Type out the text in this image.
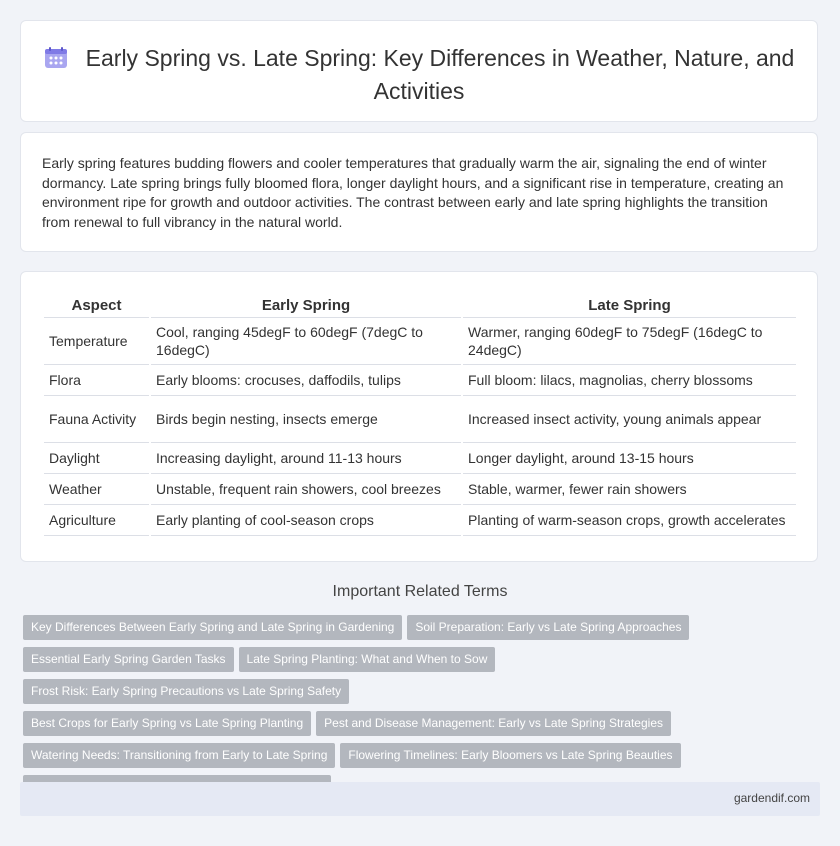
Early Spring vs. Late Spring: Key Differences in Weather, Nature, and Activities

Early spring features budding flowers and cooler temperatures that gradually warm the air, signaling the end of winter dormancy. Late spring brings fully bloomed flora, longer daylight hours, and a significant rise in temperature, creating an environment ripe for growth and outdoor activities. The contrast between early and late spring highlights the transition from renewal to full vibrancy in the natural world.

Aspect	Early Spring	Late Spring
Temperature	Cool, ranging 45degF to 60degF (7degC to 16degC)	Warmer, ranging 60degF to 75degF (16degC to 24degC)
Flora	Early blooms: crocuses, daffodils, tulips	Full bloom: lilacs, magnolias, cherry blossoms
Fauna Activity	Birds begin nesting, insects emerge	Increased insect activity, young animals appear
Daylight	Increasing daylight, around 11-13 hours	Longer daylight, around 13-15 hours
Weather	Unstable, frequent rain showers, cool breezes	Stable, warmer, fewer rain showers
Agriculture	Early planting of cool-season crops	Planting of warm-season crops, growth accelerates
Important Related Terms
Key Differences Between Early Spring and Late Spring in Gardening Soil Preparation: Early vs Late Spring Approaches
Essential Early Spring Garden Tasks Late Spring Planting: What and When to SowFrost Risk: Early Spring Precautions vs Late Spring Safety
Best Crops for Early Spring vs Late Spring Planting Pest and Disease Management: Early vs Late Spring Strategies
Watering Needs: Transitioning from Early to Late Spring Flowering Timelines: Early Bloomers vs Late Spring Beauties

gardendif.com
